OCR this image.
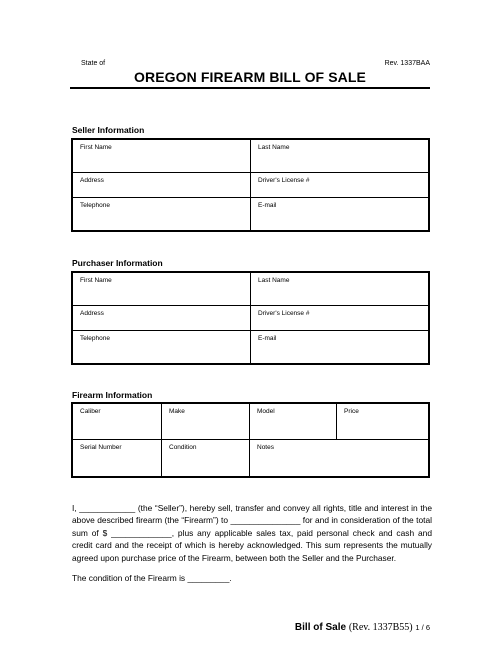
State of	Rev. 1337BAA
OREGON FIREARM BILL OF SALE
Seller Information
First Name	Last Name
Address	Driver's License #
Telephone	E-mail
Purchaser Information
First Name	Last Name
Address	Driver's License #
Telephone	E-mail
Firearm Information
Caliber	Make	Model	Price
Serial Number	Condition	Notes	
I, ____________ (the “Seller”), hereby sell, transfer and convey all rights, title and interest in the above described firearm (the “Firearm”) to _______________ for and in consideration of the total sum of $ _____________, plus any applicable sales tax, paid personal check and cash and credit card and the receipt of which is hereby acknowledged. This sum represents the mutually agreed upon purchase price of the Firearm, between both the Seller and the Purchaser.
The condition of the Firearm is _________.
Bill of Sale (Rev. 1337B55) 1 / 6
